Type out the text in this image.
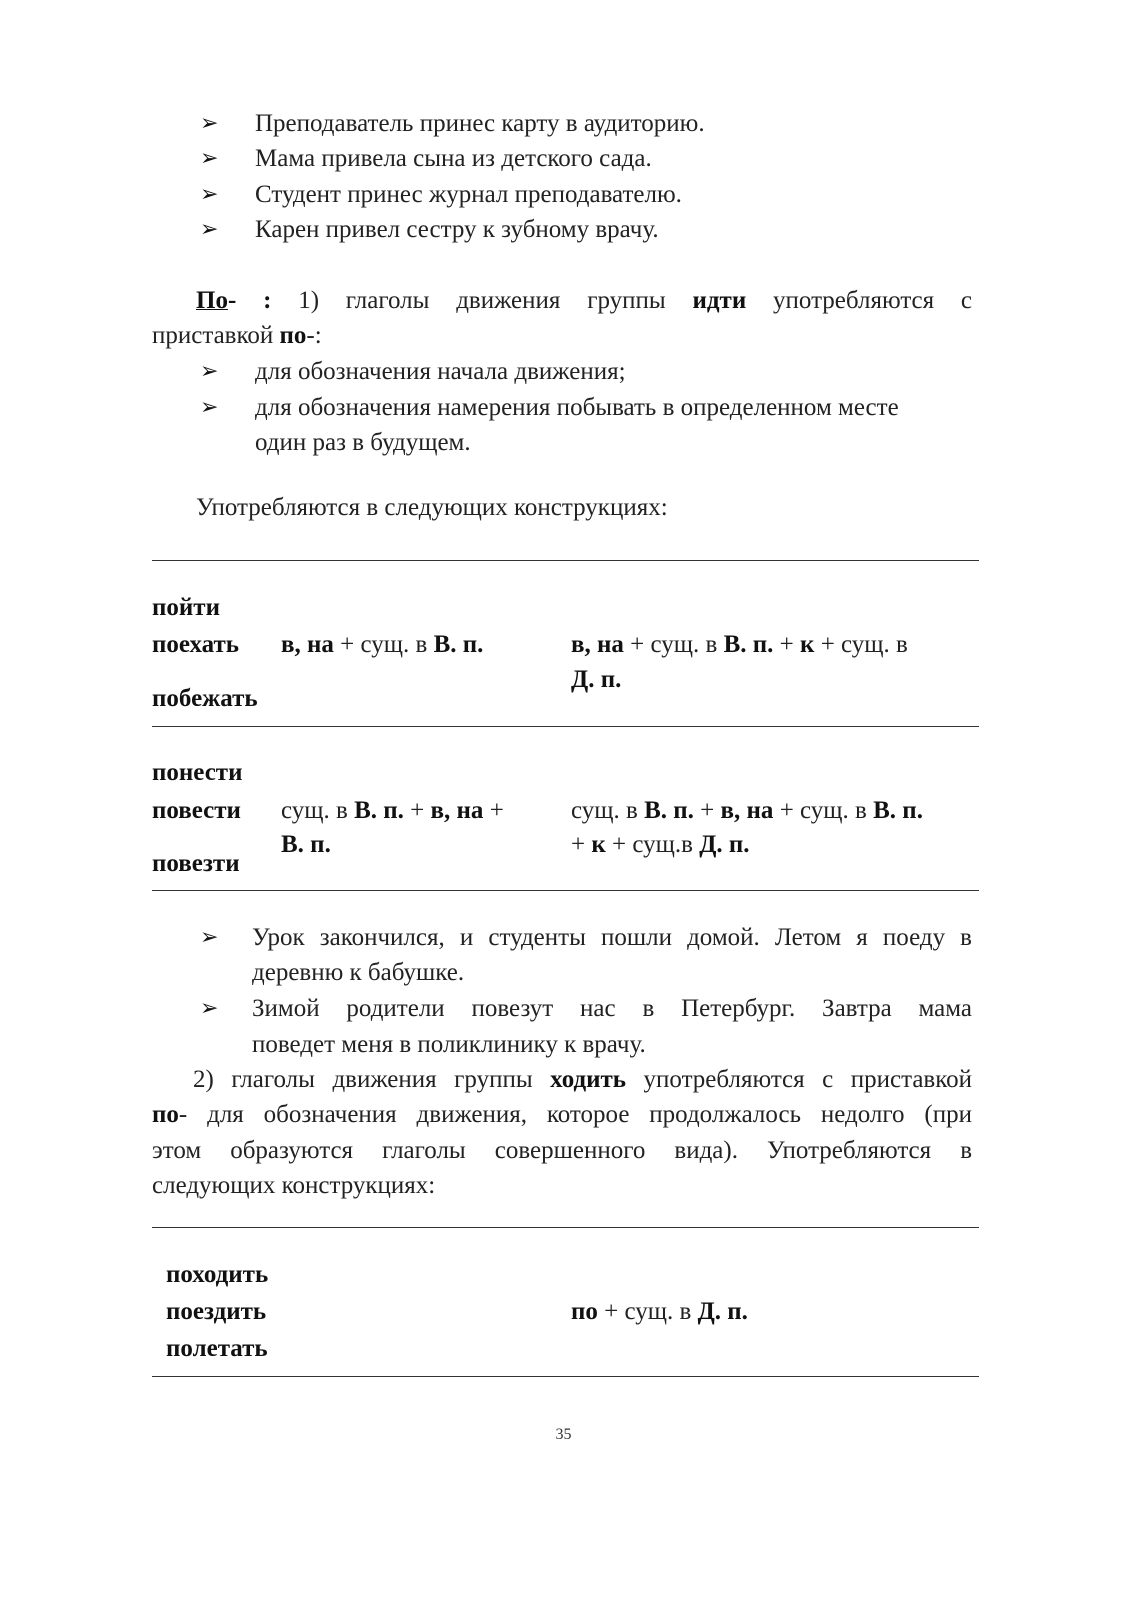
➢ Преподаватель принес карту в аудиторию.
➢ Мама привела сына из детского сада.
➢ Студент принес журнал преподавателю.
➢ Карен привел сестру к зубному врачу.
По- : 1) глаголы движения группы идти употребляются с
приставкой по-:
➢ для обозначения начала движения;
➢ для обозначения намерения побывать в определенном месте
один раз в будущем.
Употребляются в следующих конструкциях:
пойти
поехать
побежать
в, на + сущ. в В. п.	в, на + сущ. в В. п. + к + сущ. в
Д. п.
понести
повести
повезти
сущ. в В. п. + в, на +
В. п.
сущ. в В. п. + в, на + сущ. в В. п.
+ к + сущ.в Д. п.
➢ Урок закончился, и студенты пошли домой. Летом я поеду в
деревню к бабушке.
➢ Зимой родители повезут нас в Петербург. Завтра мама
поведет меня в поликлинику к врачу.
2) глаголы движения группы ходить употребляются с приставкой
по- для обозначения движения, которое продолжалось недолго (при
этом образуются глаголы совершенного вида). Употребляются в
следующих конструкциях:
походить
поездить
полетать
по + сущ. в Д. п.
35
